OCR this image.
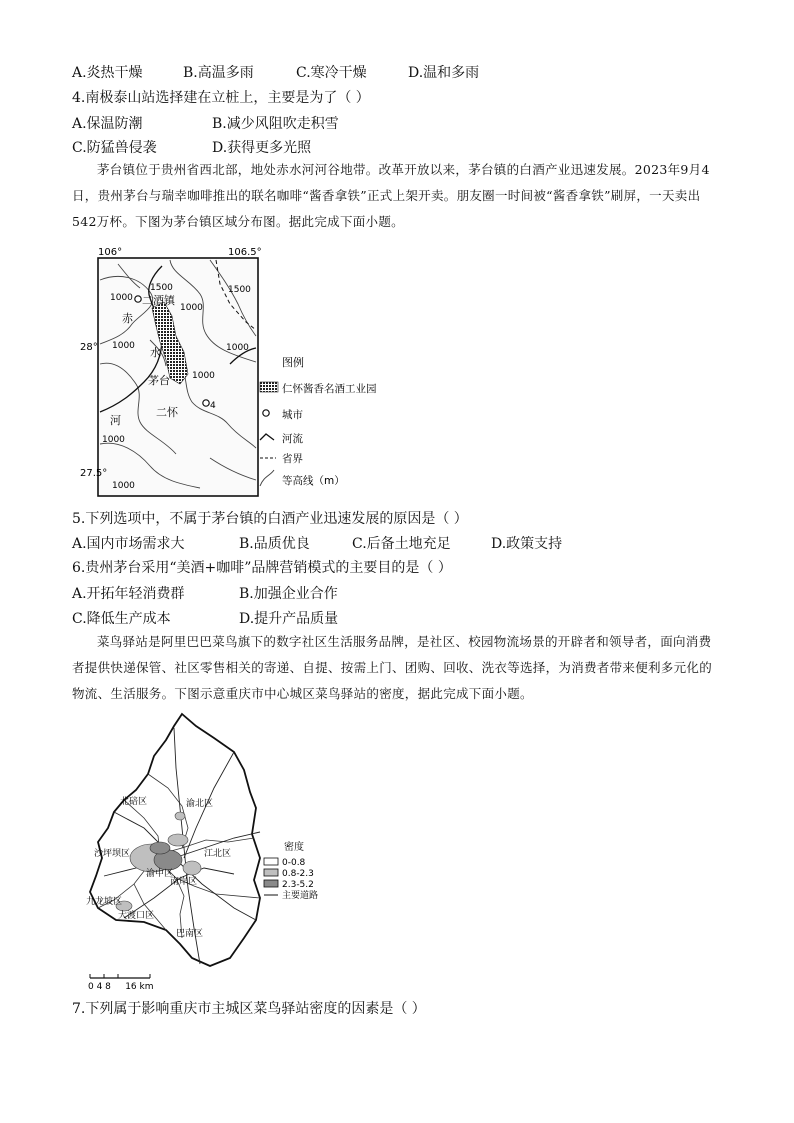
A.炎热干燥	B.高温多雨	C.寒冷干燥	D.温和多雨
4.南极泰山站选择建在立桩上，主要是为了（ ）
A.保温防潮	B.减少风阻吹走积雪
C.防猛兽侵袭	D.获得更多光照
茅台镇位于贵州省西北部，地处赤水河河谷地带。改革开放以来，茅台镇的白酒产业迅速发展。2023年9月4日，贵州茅台与瑞幸咖啡推出的联名咖啡“酱香拿铁”正式上架开卖。朋友圈一时间被“酱香拿铁”刷屏，一天卖出542万杯。下图为茅台镇区域分布图。据此完成下面小题。
106°	106.5°
28°
27.5°
二酒镇
赤
水
茅台
二怀
河
1500
1000
1000
1000
1500
1000
1000
1000
1000
4
图例
仁怀酱香名酒工业园
城市
河流
省界
等高线（m）
5.下列选项中，不属于茅台镇的白酒产业迅速发展的原因是（ ）
A.国内市场需求大	B.品质优良	C.后备土地充足	D.政策支持
6.贵州茅台采用“美酒+咖啡”品牌营销模式的主要目的是（ ）
A.开拓年轻消费群	B.加强企业合作
C.降低生产成本	D.提升产品质量
菜鸟驿站是阿里巴巴菜鸟旗下的数字社区生活服务品牌，是社区、校园物流场景的开辟者和领导者，面向消费者提供快递保管、社区零售相关的寄递、自提、按需上门、团购、回收、洗衣等选择，为消费者带来便利多元化的物流、生活服务。下图示意重庆市中心城区菜鸟驿站的密度，据此完成下面小题。
北碚区	渝北区
沙坪坝区	江北区
渝中区
南岸区
九龙坡区
大渡口区
巴南区
密度
0-0.8
0.8-2.3
2.3-5.2
主要道路
0 4 8     16 km
7.下列属于影响重庆市主城区菜鸟驿站密度的因素是（ ）
